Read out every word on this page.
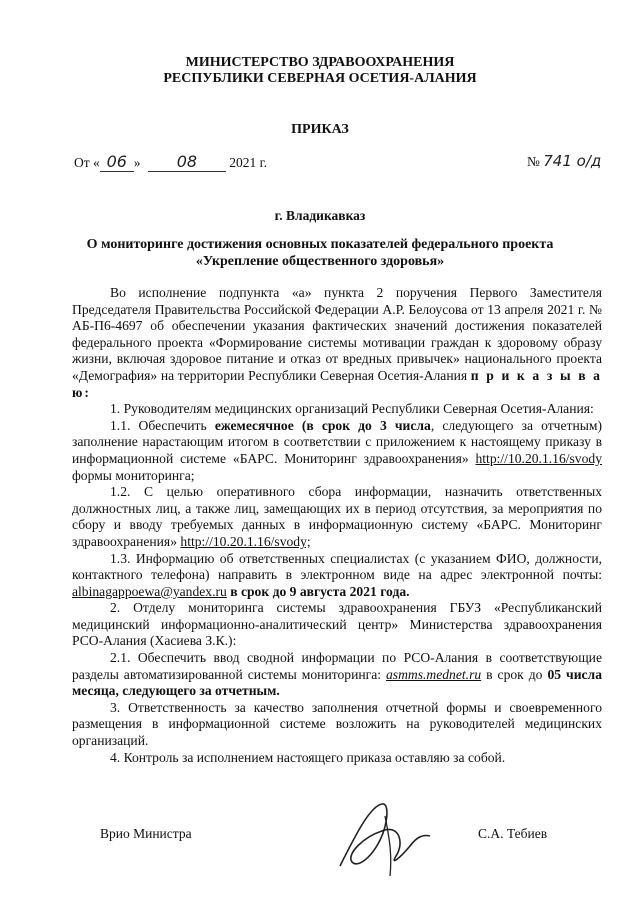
МИНИСТЕРСТВО ЗДРАВООХРАНЕНИЯ
РЕСПУБЛИКИ СЕВЕРНАЯ ОСЕТИЯ-АЛАНИЯ
ПРИКАЗ
От « 06 » 08 2021 г.	№ 741 о/д
г. Владикавказ
О мониторинге достижения основных показателей федерального проекта
«Укрепление общественного здоровья»

Во исполнение подпункта «а» пункта 2 поручения Первого Заместителя Председателя Правительства Российской Федерации А.Р. Белоусова от 13 апреля 2021 г. № АБ-П6-4697 об обеспечении указания фактических значений достижения показателей федерального проекта «Формирование системы мотивации граждан к здоровому образу жизни, включая здоровое питание и отказ от вредных привычек» национального проекта «Демография» на территории Республики Северная Осетия-Алания п р и к а з ы в а ю:

1. Руководителям медицинских организаций Республики Северная Осетия-Алания:

1.1. Обеспечить ежемесячное (в срок до 3 числа, следующего за отчетным) заполнение нарастающим итогом в соответствии с приложением к настоящему приказу в информационной системе «БАРС. Мониторинг здравоохранения» http://10.20.1.16/svody формы мониторинга;

1.2. С целью оперативного сбора информации, назначить ответственных должностных лиц, а также лиц, замещающих их в период отсутствия, за мероприятия по сбору и вводу требуемых данных в информационную систему «БАРС. Мониторинг здравоохранения» http://10.20.1.16/svody;

1.3. Информацию об ответственных специалистах (с указанием ФИО, должности, контактного телефона) направить в электронном виде на адрес электронной почты: albinagappoewa@yandex.ru в срок до 9 августа 2021 года.

2. Отделу мониторинга системы здравоохранения ГБУЗ «Республиканский медицинский информационно-аналитический центр» Министерства здравоохранения РСО-Алания (Хасиева З.К.):

2.1. Обеспечить ввод сводной информации по РСО-Алания в соответствующие разделы автоматизированной системы мониторинга: asmms.mednet.ru в срок до 05 числа месяца, следующего за отчетным.

3. Ответственность за качество заполнения отчетной формы и своевременного размещения в информационной системе возложить на руководителей медицинских организаций.

4. Контроль за исполнением настоящего приказа оставляю за собой.

Врио Министра	С.А. Тебиев
